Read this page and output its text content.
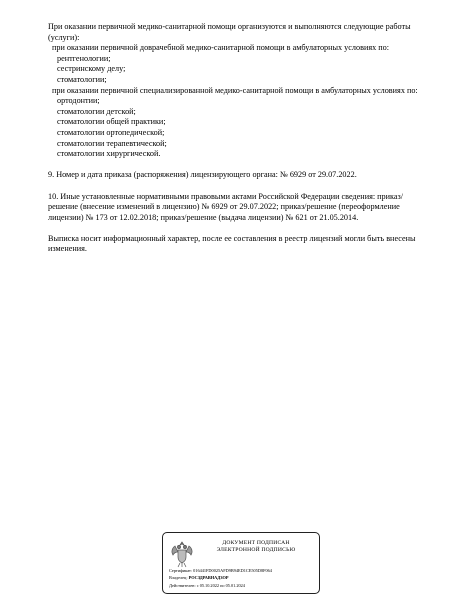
При оказании первичной медико-санитарной помощи организуются и выполняются следующие работы (услуги):

при оказании первичной доврачебной медико-санитарной помощи в амбулаторных условиях по:

рентгенологии;

сестринскому делу;

стоматологии;

при оказании первичной специализированной медико-санитарной помощи в амбулаторных условиях по:

ортодонтии;

стоматологии детской;

стоматологии общей практики;

стоматологии ортопедической;

стоматологии терапевтической;

стоматологии хирургической.

9. Номер и дата приказа (распоряжения) лицензирующего органа: № 6929 от 29.07.2022.

10. Иные установленные нормативными правовыми актами Российской Федерации сведения: приказ/решение (внесение изменений в лицензию) № 6929 от 29.07.2022; приказ/решение (переоформление лицензии) № 173 от 12.02.2018; приказ/решение (выдача лицензии) № 621 от 21.05.2014.

Выписка носит информационный характер, после ее составления в реестр лицензий могли быть внесены изменения.

ДОКУМЕНТ ПОДПИСАН
ЭЛЕКТРОННОЙ ПОДПИСЬЮ
Сертификат: 016441FD0025AFD9B94ED1CE505D8F064
Владелец: РОСЗДРАВНАДЗОР
Действителен: с 05.10.2022 по 05.01.2024
